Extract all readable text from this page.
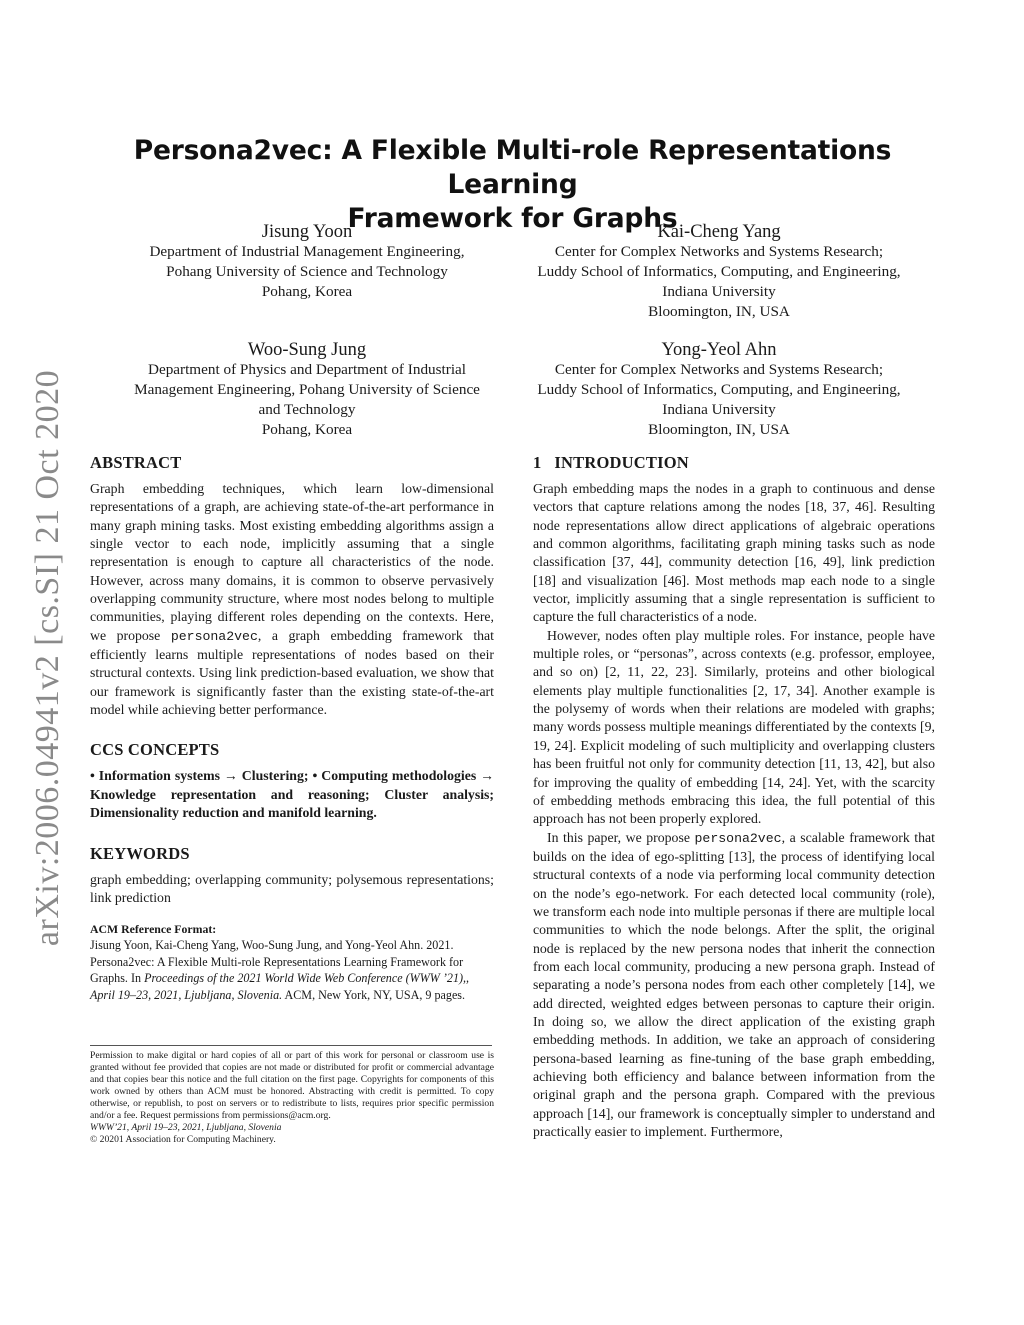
arXiv:2006.04941v2 [cs.SI] 21 Oct 2020
Persona2vec: A Flexible Multi-role Representations Learning
Framework for Graphs
Jisung Yoon
Department of Industrial Management Engineering,
Pohang University of Science and Technology
Pohang, Korea
Kai-Cheng Yang
Center for Complex Networks and Systems Research;
Luddy School of Informatics, Computing, and Engineering,
Indiana University
Bloomington, IN, USA
Woo-Sung Jung
Department of Physics and Department of Industrial
Management Engineering, Pohang University of Science
and Technology
Pohang, Korea
Yong-Yeol Ahn
Center for Complex Networks and Systems Research;
Luddy School of Informatics, Computing, and Engineering,
Indiana University
Bloomington, IN, USA
ABSTRACT

Graph embedding techniques, which learn low-dimensional representations of a graph, are achieving state-of-the-art performance in many graph mining tasks. Most existing embedding algorithms assign a single vector to each node, implicitly assuming that a single representation is enough to capture all characteristics of the node. However, across many domains, it is common to observe pervasively overlapping community structure, where most nodes belong to multiple communities, playing different roles depending on the contexts. Here, we propose persona2vec, a graph embedding framework that efficiently learns multiple representations of nodes based on their structural contexts. Using link prediction-based evaluation, we show that our framework is significantly faster than the existing state-of-the-art model while achieving better performance.

CCS CONCEPTS

• Information systems → Clustering; • Computing methodologies → Knowledge representation and reasoning; Cluster analysis; Dimensionality reduction and manifold learning.

KEYWORDS

graph embedding; overlapping community; polysemous representations; link prediction

ACM Reference Format:
Jisung Yoon, Kai-Cheng Yang, Woo-Sung Jung, and Yong-Yeol Ahn. 2021. Persona2vec: A Flexible Multi-role Representations Learning Framework for Graphs. In Proceedings of the 2021 World Wide Web Conference (WWW ’21),, April 19–23, 2021, Ljubljana, Slovenia. ACM, New York, NY, USA, 9 pages.
Permission to make digital or hard copies of all or part of this work for personal or classroom use is granted without fee provided that copies are not made or distributed for profit or commercial advantage and that copies bear this notice and the full citation on the first page. Copyrights for components of this work owned by others than ACM must be honored. Abstracting with credit is permitted. To copy otherwise, or republish, to post on servers or to redistribute to lists, requires prior specific permission and/or a fee. Request permissions from permissions@acm.org.
WWW’21, April 19–23, 2021, Ljubljana, Slovenia
© 20201 Association for Computing Machinery.
1   INTRODUCTION

Graph embedding maps the nodes in a graph to continuous and dense vectors that capture relations among the nodes [18, 37, 46]. Resulting node representations allow direct applications of algebraic operations and common algorithms, facilitating graph mining tasks such as node classification [37, 44], community detection [16, 49], link prediction [18] and visualization [46]. Most methods map each node to a single vector, implicitly assuming that a single representation is sufficient to capture the full characteristics of a node.

However, nodes often play multiple roles. For instance, people have multiple roles, or “personas”, across contexts (e.g. professor, employee, and so on) [2, 11, 22, 23]. Similarly, proteins and other biological elements play multiple functionalities [2, 17, 34]. Another example is the polysemy of words when their relations are modeled with graphs; many words possess multiple meanings differentiated by the contexts [9, 19, 24]. Explicit modeling of such multiplicity and overlapping clusters has been fruitful not only for community detection [11, 13, 42], but also for improving the quality of embedding [14, 24]. Yet, with the scarcity of embedding methods embracing this idea, the full potential of this approach has not been properly explored.

In this paper, we propose persona2vec, a scalable framework that builds on the idea of ego-splitting [13], the process of identifying local structural contexts of a node via performing local community detection on the node’s ego-network. For each detected local community (role), we transform each node into multiple personas if there are multiple local communities to which the node belongs. After the split, the original node is replaced by the new persona nodes that inherit the connection from each local community, producing a new persona graph. Instead of separating a node’s persona nodes from each other completely [14], we add directed, weighted edges between personas to capture their origin. In doing so, we allow the direct application of the existing graph embedding methods. In addition, we take an approach of considering persona-based learning as fine-tuning of the base graph embedding, achieving both efficiency and balance between information from the original graph and the persona graph. Compared with the previous approach [14], our framework is conceptually simpler to understand and practically easier to implement. Furthermore,
